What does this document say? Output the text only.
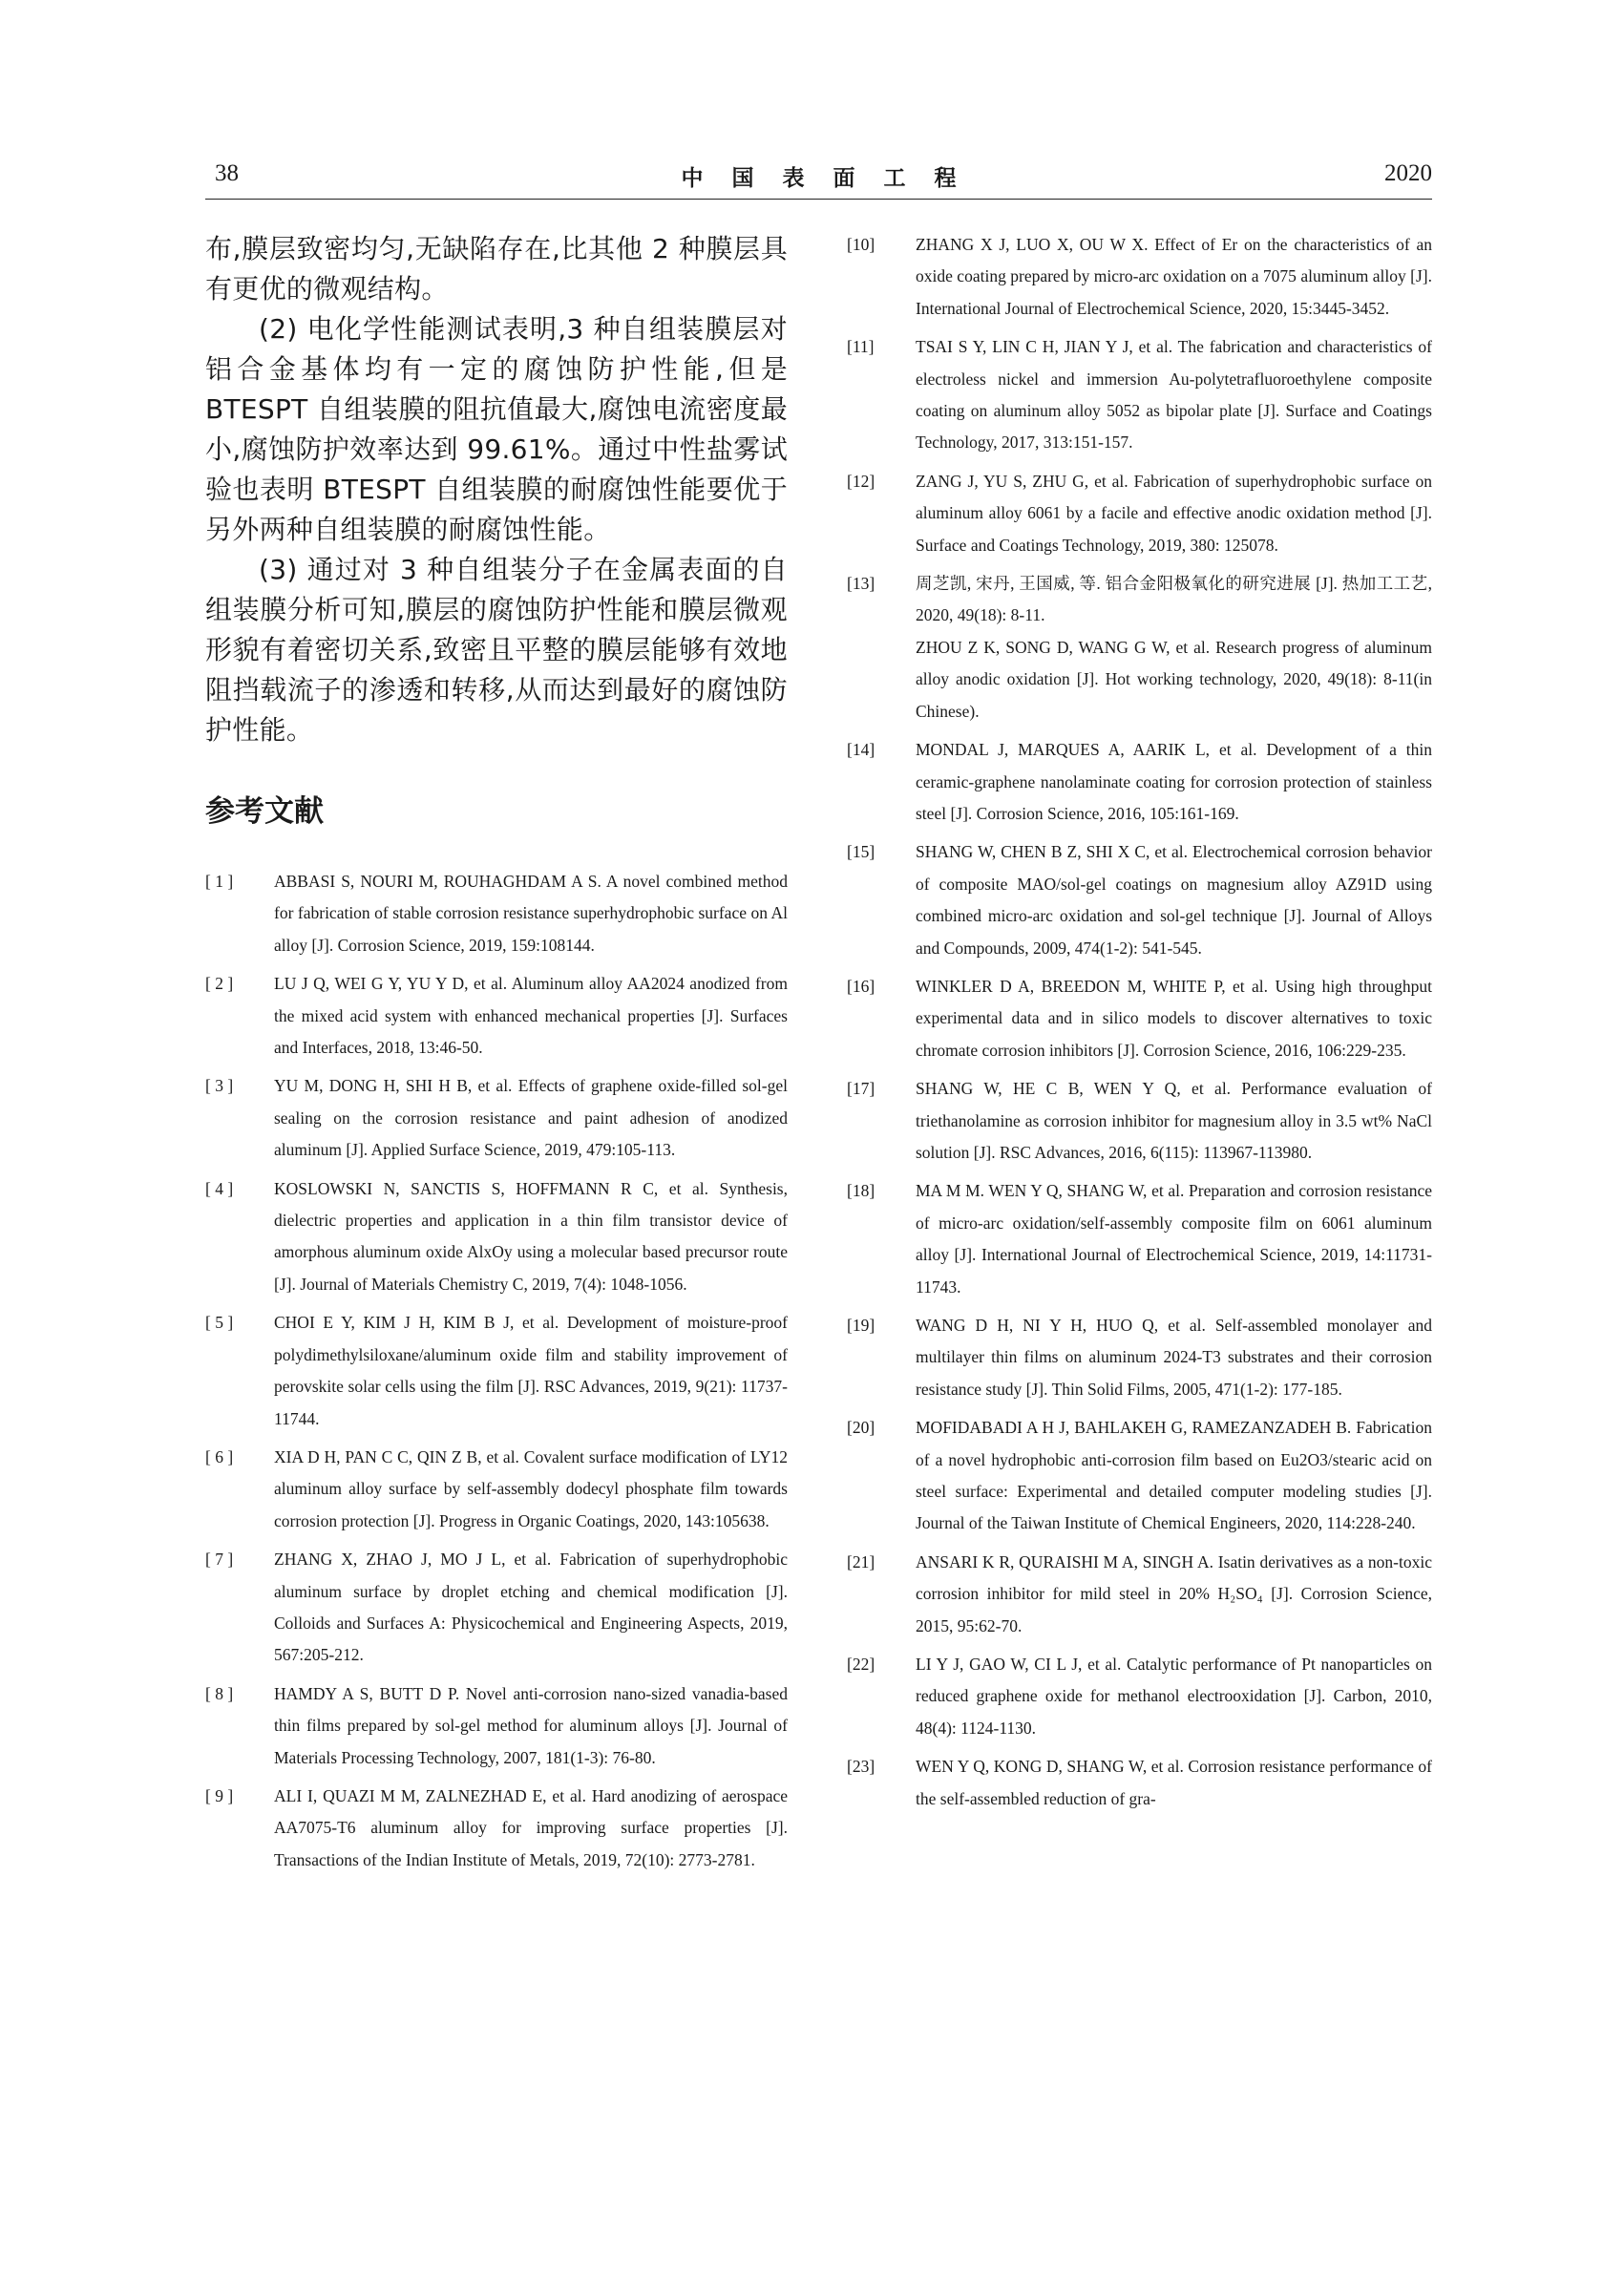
38	中国表面工程	2020

布,膜层致密均匀,无缺陷存在,比其他 2 种膜层具有更优的微观结构。

(2) 电化学性能测试表明,3 种自组装膜层对铝合金基体均有一定的腐蚀防护性能,但是 BTESPT 自组装膜的阻抗值最大,腐蚀电流密度最小,腐蚀防护效率达到 99.61%。通过中性盐雾试验也表明 BTESPT 自组装膜的耐腐蚀性能要优于另外两种自组装膜的耐腐蚀性能。

(3) 通过对 3 种自组装分子在金属表面的自组装膜分析可知,膜层的腐蚀防护性能和膜层微观形貌有着密切关系,致密且平整的膜层能够有效地阻挡载流子的渗透和转移,从而达到最好的腐蚀防护性能。

参考文献
[ 1 ] ABBASI S, NOURI M, ROUHAGHDAM A S. A novel combined method for fabrication of stable corrosion resistance superhydrophobic surface on Al alloy [J]. Corrosion Science, 2019, 159:108144.
[ 2 ] LU J Q, WEI G Y, YU Y D, et al. Aluminum alloy AA2024 anodized from the mixed acid system with enhanced mechanical properties [J]. Surfaces and Interfaces, 2018, 13:46-50.
[ 3 ] YU M, DONG H, SHI H B, et al. Effects of graphene oxide-filled sol-gel sealing on the corrosion resistance and paint adhesion of anodized aluminum [J]. Applied Surface Science, 2019, 479:105-113.
[ 4 ] KOSLOWSKI N, SANCTIS S, HOFFMANN R C, et al. Synthesis, dielectric properties and application in a thin film transistor device of amorphous aluminum oxide AlxOy using a molecular based precursor route [J]. Journal of Materials Chemistry C, 2019, 7(4): 1048-1056.
[ 5 ] CHOI E Y, KIM J H, KIM B J, et al. Development of moisture-proof polydimethylsiloxane/aluminum oxide film and stability improvement of perovskite solar cells using the film [J]. RSC Advances, 2019, 9(21): 11737-11744.
[ 6 ] XIA D H, PAN C C, QIN Z B, et al. Covalent surface modification of LY12 aluminum alloy surface by self-assembly dodecyl phosphate film towards corrosion protection [J]. Progress in Organic Coatings, 2020, 143:105638.
[ 7 ] ZHANG X, ZHAO J, MO J L, et al. Fabrication of superhydrophobic aluminum surface by droplet etching and chemical modification [J]. Colloids and Surfaces A: Physicochemical and Engineering Aspects, 2019, 567:205-212.
[ 8 ] HAMDY A S, BUTT D P. Novel anti-corrosion nano-sized vanadia-based thin films prepared by sol-gel method for aluminum alloys [J]. Journal of Materials Processing Technology, 2007, 181(1-3): 76-80.
[ 9 ] ALI I, QUAZI M M, ZALNEZHAD E, et al. Hard anodizing of aerospace AA7075-T6 aluminum alloy for improving surface properties [J]. Transactions of the Indian Institute of Metals, 2019, 72(10): 2773-2781.
[10] ZHANG X J, LUO X, OU W X. Effect of Er on the characteristics of an oxide coating prepared by micro-arc oxidation on a 7075 aluminum alloy [J]. International Journal of Electrochemical Science, 2020, 15:3445-3452.
[11] TSAI S Y, LIN C H, JIAN Y J, et al. The fabrication and characteristics of electroless nickel and immersion Au-polytetrafluoroethylene composite coating on aluminum alloy 5052 as bipolar plate [J]. Surface and Coatings Technology, 2017, 313:151-157.
[12] ZANG J, YU S, ZHU G, et al. Fabrication of superhydrophobic surface on aluminum alloy 6061 by a facile and effective anodic oxidation method [J]. Surface and Coatings Technology, 2019, 380: 125078.
[13] 周芝凯, 宋丹, 王国威, 等. 铝合金阳极氧化的研究进展 [J]. 热加工工艺, 2020, 49(18): 8-11.
ZHOU Z K, SONG D, WANG G W, et al. Research progress of aluminum alloy anodic oxidation [J]. Hot working technology, 2020, 49(18): 8-11(in Chinese).
[14] MONDAL J, MARQUES A, AARIK L, et al. Development of a thin ceramic-graphene nanolaminate coating for corrosion protection of stainless steel [J]. Corrosion Science, 2016, 105:161-169.
[15] SHANG W, CHEN B Z, SHI X C, et al. Electrochemical corrosion behavior of composite MAO/sol-gel coatings on magnesium alloy AZ91D using combined micro-arc oxidation and sol-gel technique [J]. Journal of Alloys and Compounds, 2009, 474(1-2): 541-545.
[16] WINKLER D A, BREEDON M, WHITE P, et al. Using high throughput experimental data and in silico models to discover alternatives to toxic chromate corrosion inhibitors [J]. Corrosion Science, 2016, 106:229-235.
[17] SHANG W, HE C B, WEN Y Q, et al. Performance evaluation of triethanolamine as corrosion inhibitor for magnesium alloy in 3.5 wt% NaCl solution [J]. RSC Advances, 2016, 6(115): 113967-113980.
[18] MA M M. WEN Y Q, SHANG W, et al. Preparation and corrosion resistance of micro-arc oxidation/self-assembly composite film on 6061 aluminum alloy [J]. International Journal of Electrochemical Science, 2019, 14:11731-11743.
[19] WANG D H, NI Y H, HUO Q, et al. Self-assembled monolayer and multilayer thin films on aluminum 2024-T3 substrates and their corrosion resistance study [J]. Thin Solid Films, 2005, 471(1-2): 177-185.
[20] MOFIDABADI A H J, BAHLAKEH G, RAMEZANZADEH B. Fabrication of a novel hydrophobic anti-corrosion film based on Eu2O3/stearic acid on steel surface: Experimental and detailed computer modeling studies [J]. Journal of the Taiwan Institute of Chemical Engineers, 2020, 114:228-240.
[21] ANSARI K R, QURAISHI M A, SINGH A. Isatin derivatives as a non-toxic corrosion inhibitor for mild steel in 20% H₂SO₄ [J]. Corrosion Science, 2015, 95:62-70.
[22] LI Y J, GAO W, CI L J, et al. Catalytic performance of Pt nanoparticles on reduced graphene oxide for methanol electrooxidation [J]. Carbon, 2010, 48(4): 1124-1130.
[23] WEN Y Q, KONG D, SHANG W, et al. Corrosion resistance performance of the self-assembled reduction of gra-
